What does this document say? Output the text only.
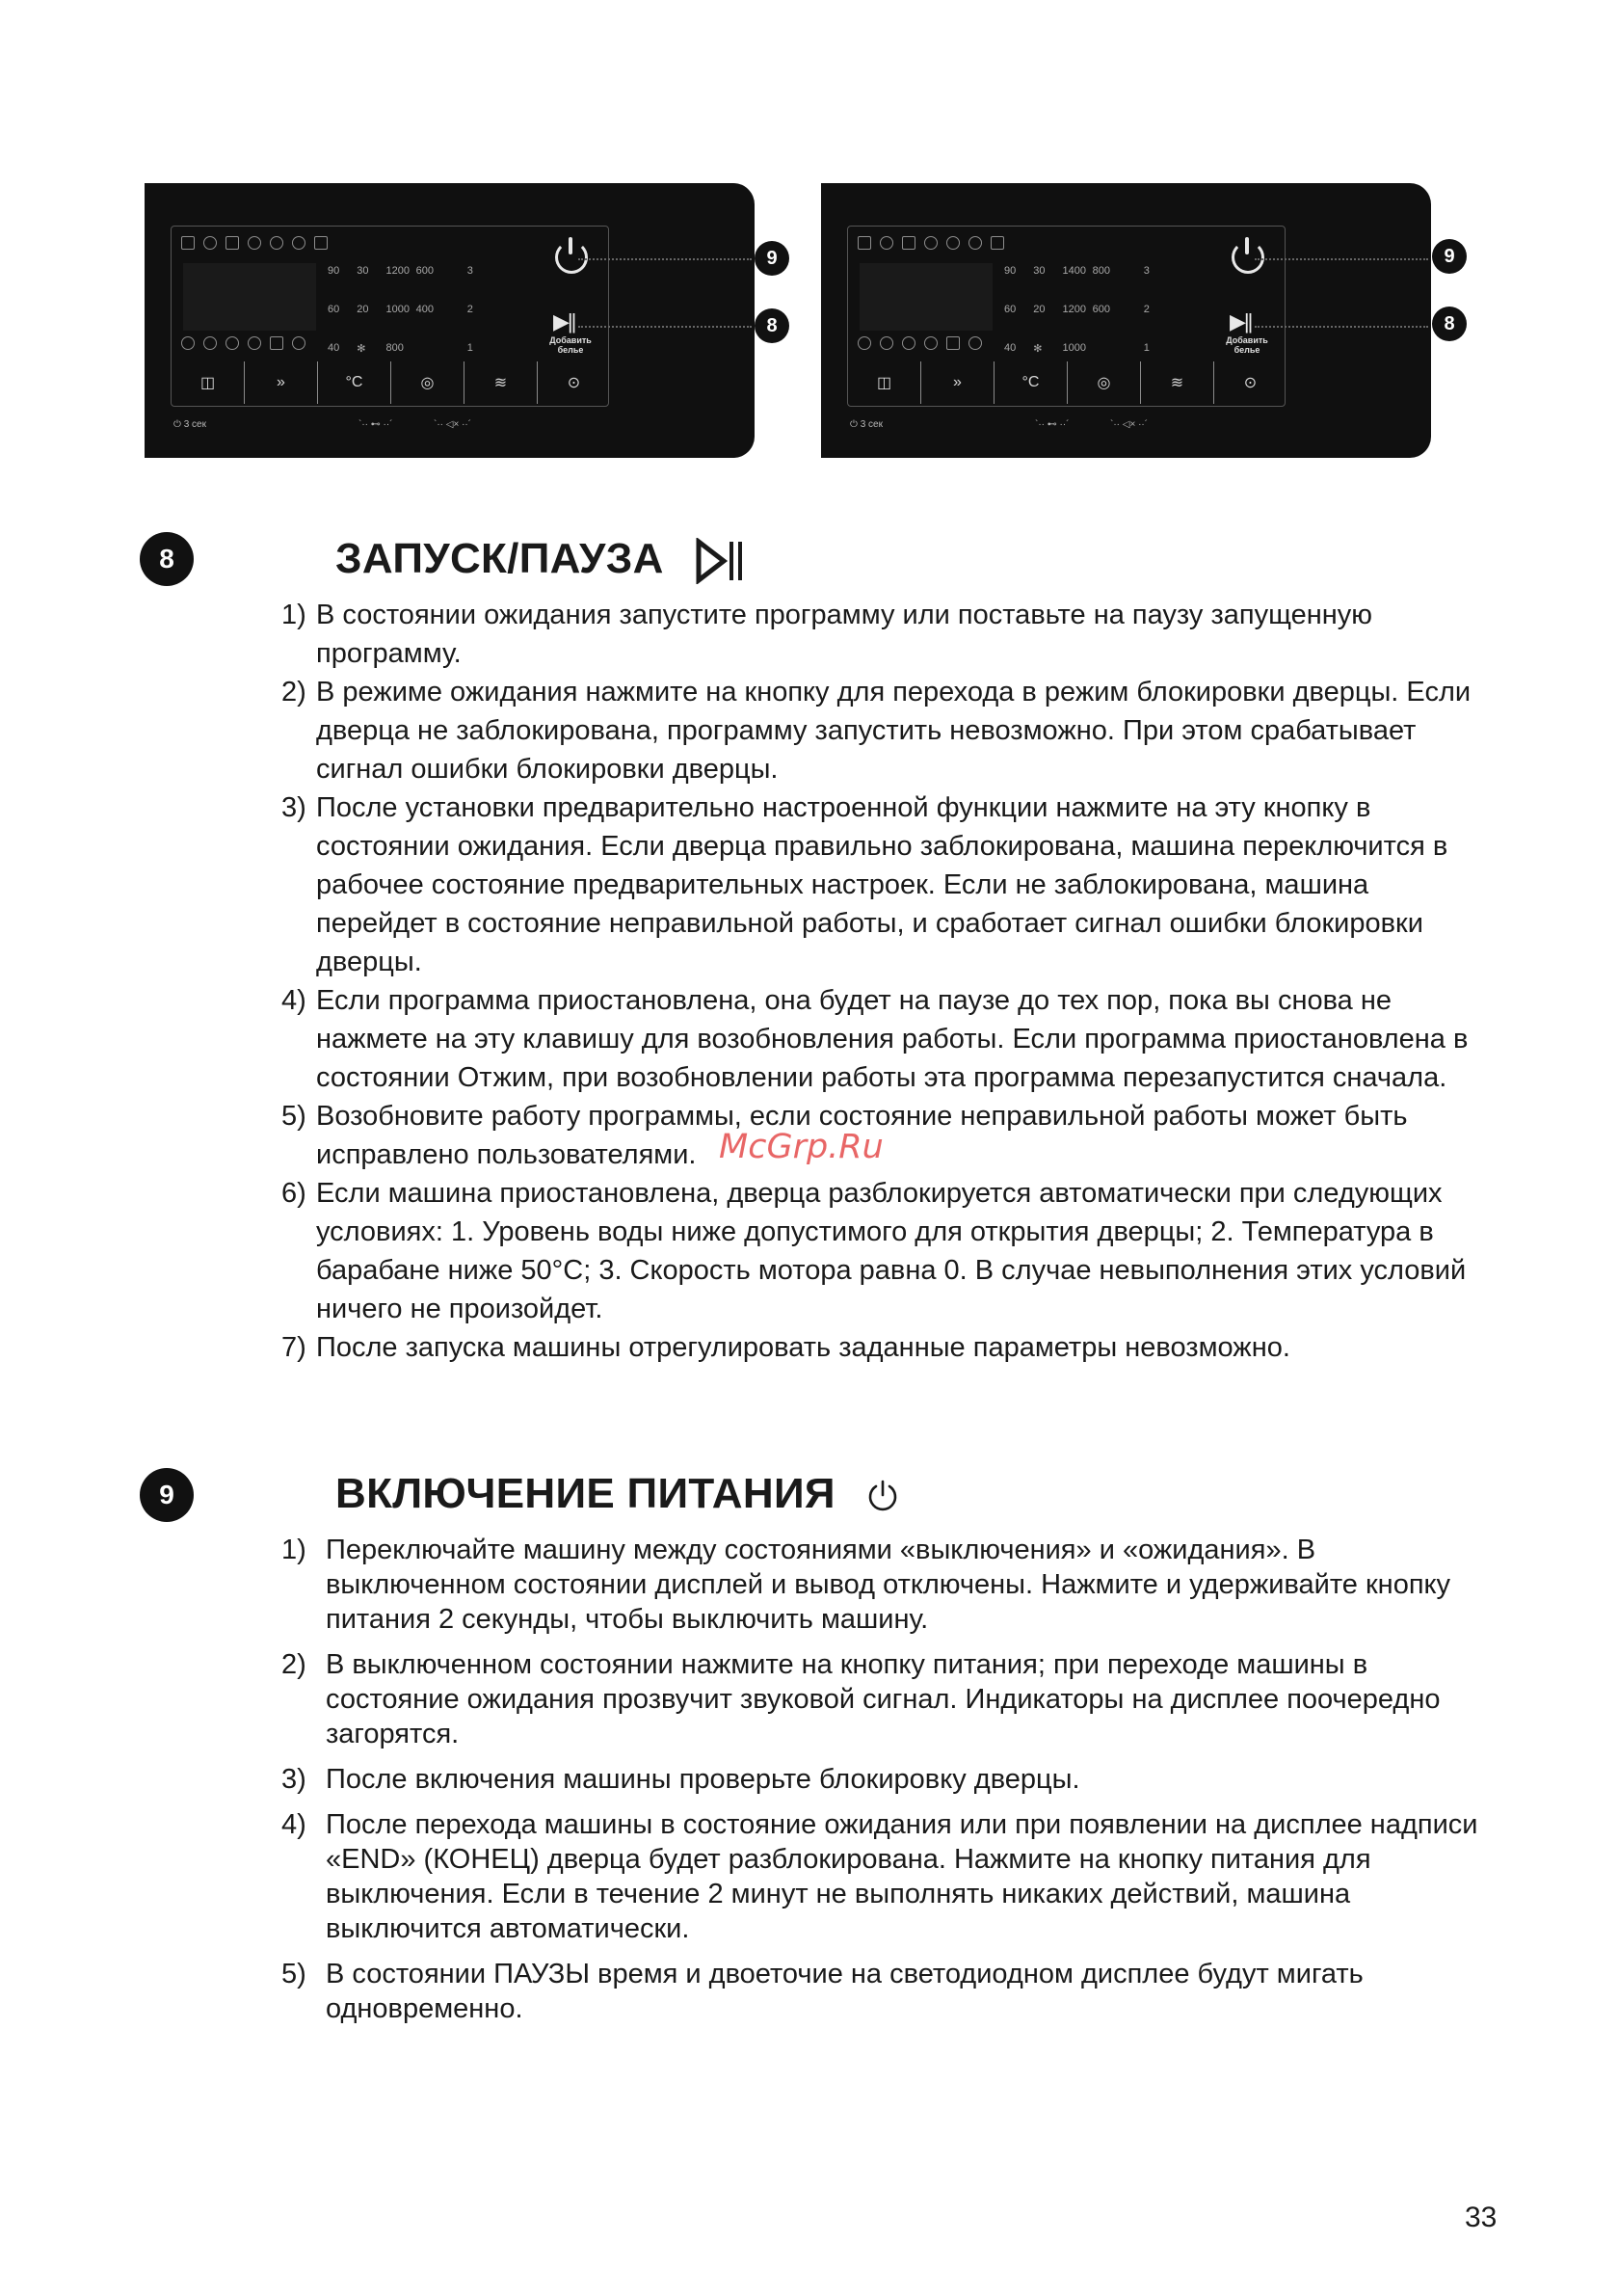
90	30	1200 600	3
60	20	1000 400	2
40	✻	800	1
▶||
Добавить
белье
◫	»	°C	◎	≋	⊙
⏻ 3 сек	`·· ⊷ ··´	`·· ◁× ··´
9
8
90	30	1400 800	3
60	20	1200 600	2
40	✻	1000	1
▶||
Добавить
белье
◫	»	°C	◎	≋	⊙
⏻ 3 сек	`·· ⊷ ··´	`·· ◁× ··´
9
8
8	ЗАПУСК/ПАУЗА
1) В состоянии ожидания запустите программу или поставьте на паузу запущенную программу.
2) В режиме ожидания нажмите на кнопку для перехода в режим блокировки дверцы. Если дверца не заблокирована, программу запустить невозможно. При этом срабатывает сигнал ошибки блокировки дверцы.
3) После установки предварительно настроенной функции нажмите на эту кнопку в состоянии ожидания. Если дверца правильно заблокирована, машина переключится в рабочее состояние предварительных настроек. Если не заблокирована, машина перейдет в состояние неправильной работы, и сработает сигнал ошибки блокировки дверцы.
4) Если программа приостановлена, она будет на паузе до тех пор, пока вы снова не нажмете на эту клавишу для возобновления работы. Если программа приостановлена в состоянии Отжим, при возобновлении работы эта программа перезапустится сначала.
5) Возобновите работу программы, если состояние неправильной работы может быть исправлено пользователями.
6) Если машина приостановлена, дверца разблокируется автоматически при следующих условиях: 1. Уровень воды ниже допустимого для открытия дверцы; 2. Температура в барабане ниже 50°C; 3. Скорость мотора равна 0. В случае невыполнения этих условий ничего не произойдет.
7) После запуска машины отрегулировать заданные параметры невозможно.
9	ВКЛЮЧЕНИЕ ПИТАНИЯ
1) Переключайте машину между состояниями «выключения» и «ожидания». В выключенном состоянии дисплей и вывод отключены. Нажмите и удерживайте кнопку питания 2 секунды, чтобы выключить машину.
2) В выключенном состоянии нажмите на кнопку питания; при переходе машины в состояние ожидания прозвучит звуковой сигнал. Индикаторы на дисплее поочередно загорятся.
3) После включения машины проверьте блокировку дверцы.
4) После перехода машины в состояние ожидания или при появлении на дисплее надписи «END» (КОНЕЦ) дверца будет разблокирована. Нажмите на кнопку питания для выключения. Если в течение 2 минут не выполнять никаких действий, машина выключится автоматически.
5) В состоянии ПАУЗЫ время и двоеточие на светодиодном дисплее будут мигать одновременно.
McGrp.Ru
33
